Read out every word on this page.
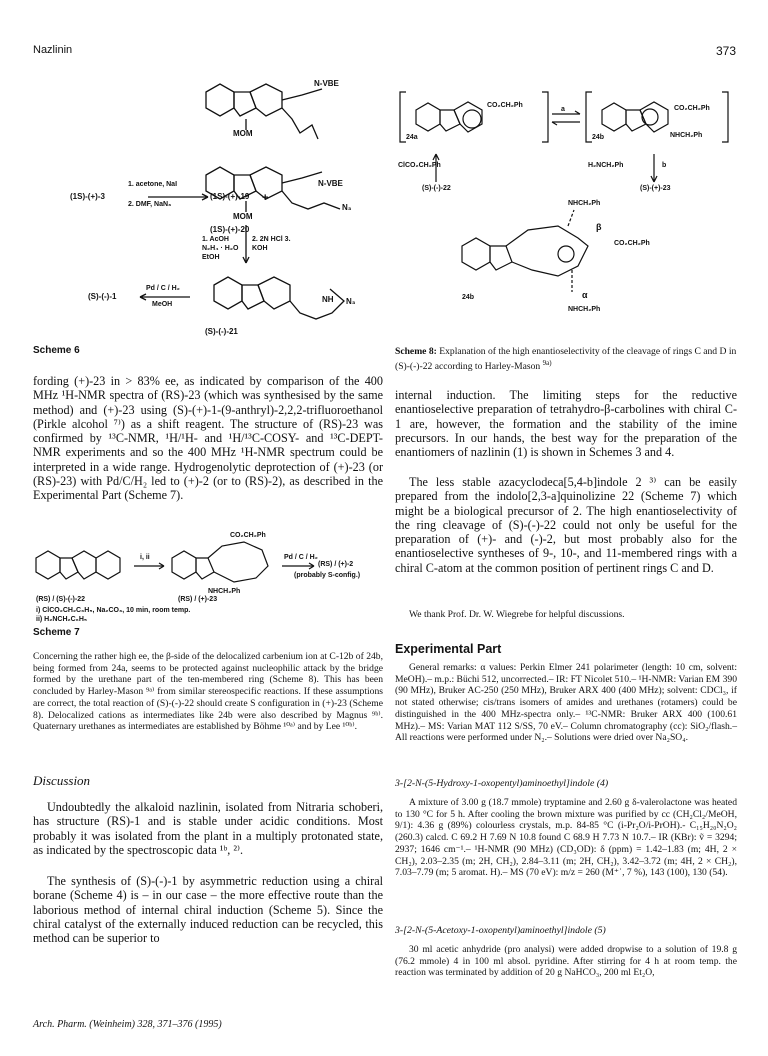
Nazlinin	373
N-VBE
MOM
(1S)-(+)-3
1. acetone, NaI
2. DMF, NaN₃
(1S)-(+)-19 +
N-VBE
MOM
N₃
(1S)-(+)-20
1. AcOH N₂H₄ · H₂O EtOH
2. 2N HCl 3. KOH
Pd / C / H₂
MeOH
(S)-(-)-1	NH N₃
(S)-(-)-21
Scheme 6
CO₂CH₂Ph	CO₂CH₂Ph
24a	24b	NHCH₂Ph
a
ClCO₂CH₂Ph	H₂NCH₂Ph	b
(S)-(-)-22	(S)-(+)-23
NHCH₂Ph
β
CO₂CH₂Ph
24b	α
NHCH₂Ph
Scheme 8: Explanation of the high enantioselectivity of the cleavage of rings C and D in (S)-(-)-22 according to Harley-Mason $^{9a)}$
fording (+)-23 in > 83% ee, as indicated by comparison of the 400 MHz ¹H-NMR spectra of (RS)-23 (which was synthesised by the same method) and (+)-23 using (S)-(+)-1-(9-anthryl)-2,2,2-trifluoroethanol (Pirkle alcohol ⁷⁾) as a shift reagent. The structure of (RS)-23 was confirmed by ¹³C-NMR, ¹H/¹H- and ¹H/¹³C-COSY- and ¹³C-DEPT-NMR experiments and so the 400 MHz ¹H-NMR spectrum could be interpreted in a wide range. Hydrogenolytic deprotection of (+)-23 (or (RS)-23) with Pd/C/H₂ led to (+)-2 (or to (RS)-2), as described in the Experimental Part (Scheme 7).
i, ii
CO₂CH₂Ph
Pd / C / H₂
(RS) / (+)-2
(probably S-config.)
NHCH₂Ph
(RS) / (S)-(-)-22	(RS) / (+)-23
i) ClCO₂CH₂C₆H₅, Na₂CO₃, 10 min, room temp.
ii) H₂NCH₂C₆H₅
Scheme 7
Concerning the rather high ee, the β-side of the delocalized carbenium ion at C-12b of 24b, being formed from 24a, seems to be protected against nucleophilic attack by the bridge formed by the urethane part of the ten-membered ring (Scheme 8). This has been concluded by Harley-Mason ⁹ᵃ⁾ from similar stereospecific reactions. If these assumptions are correct, the total reaction of (S)-(-)-22 should create S configuration in (+)-23 (Scheme 8). Delocalized cations as intermediates like 24b were also described by Magnus ⁹ᵇ⁾. Quaternary urethanes as intermediates are established by Böhme ¹⁰ᵃ⁾ and by Lee ¹⁰ᵇ⁾.
Discussion
Undoubtedly the alkaloid nazlinin, isolated from Nitraria schoberi, has structure (RS)-1 and is stable under acidic conditions. Most probably it was isolated from the plant in a multiply protonated state, as indicated by the spectroscopic data ¹ᵇ, ²⁾.
The synthesis of (S)-(-)-1 by asymmetric reduction using a chiral borane (Scheme 4) is – in our case – the more effective route than the laborious method of internal chiral induction (Scheme 5). Since the chiral catalyst of the externally induced reduction can be recycled, this method can be superior to
internal induction. The limiting steps for the reductive enantioselective preparation of tetrahydro-β-carbolines with chiral C-1 are, however, the formation and the stability of the imine precursors. In our hands, the best way for the preparation of the enantiomers of nazlinin (1) is shown in Schemes 3 and 4.
The less stable azacyclodeca[5,4-b]indole 2 ³⁾ can be easily prepared from the indolo[2,3-a]quinolizine 22 (Scheme 7) which might be a biological precursor of 2. The high enantioselectivity of the ring cleavage of (S)-(-)-22 could not only be useful for the preparation of (+)- and (-)-2, but most probably also for the enantioselective syntheses of 9-, 10-, and 11-membered rings with a chiral C-atom at the common position of pertinent rings C and D.
We thank Prof. Dr. W. Wiegrebe for helpful discussions.
Experimental Part
General remarks: α values: Perkin Elmer 241 polarimeter (length: 10 cm, solvent: MeOH).– m.p.: Büchi 512, uncorrected.– IR: FT Nicolet 510.– ¹H-NMR: Varian EM 390 (90 MHz), Bruker AC-250 (250 MHz), Bruker ARX 400 (400 MHz); solvent: CDCl₃, if not stated otherwise; cis/trans isomers of amides and urethanes (rotamers) could be distinguished in the 400 MHz-spectra only.– ¹³C-NMR: Bruker ARX 400 (100.61 MHz).– MS: Varian MAT 112 S/SS, 70 eV.– Column chromatography (cc): SiO₂/flash.– All reactions were performed under N₂.– Solutions were dried over Na₂SO₄.
3-[2-N-(5-Hydroxy-1-oxopentyl)aminoethyl]indole (4)
A mixture of 3.00 g (18.7 mmole) tryptamine and 2.60 g δ-valerolactone was heated to 130 °C for 5 h. After cooling the brown mixture was purified by cc (CH₂Cl₂/MeOH, 9/1): 4.36 g (89%) colourless crystals, m.p. 84-85 °C (i-Pr₂O/i-PrOH).- C₁₅H₂₀N₂O₂ (260.3) calcd. C 69.2 H 7.69 N 10.8 found C 68.9 H 7.73 N 10.7.– IR (KBr): ṽ = 3294; 2937; 1646 cm⁻¹.– ¹H-NMR (90 MHz) (CD₃OD): δ (ppm) = 1.42–1.83 (m; 4H, 2 × CH₂), 2.03–2.35 (m; 2H, CH₂), 2.84–3.11 (m; 2H, CH₂), 3.42–3.72 (m; 4H, 2 × CH₂), 7.03–7.79 (m; 5 aromat. H).– MS (70 eV): m/z = 260 (M⁺˙, 7 %), 143 (100), 130 (54).
3-[2-N-(5-Acetoxy-1-oxopentyl)aminoethyl]indole (5)
30 ml acetic anhydride (pro analysi) were added dropwise to a solution of 19.8 g (76.2 mmole) 4 in 100 ml absol. pyridine. After stirring for 4 h at room temp. the reaction was terminated by addition of 20 g NaHCO₃, 200 ml Et₂O,
Arch. Pharm. (Weinheim) 328, 371–376 (1995)
